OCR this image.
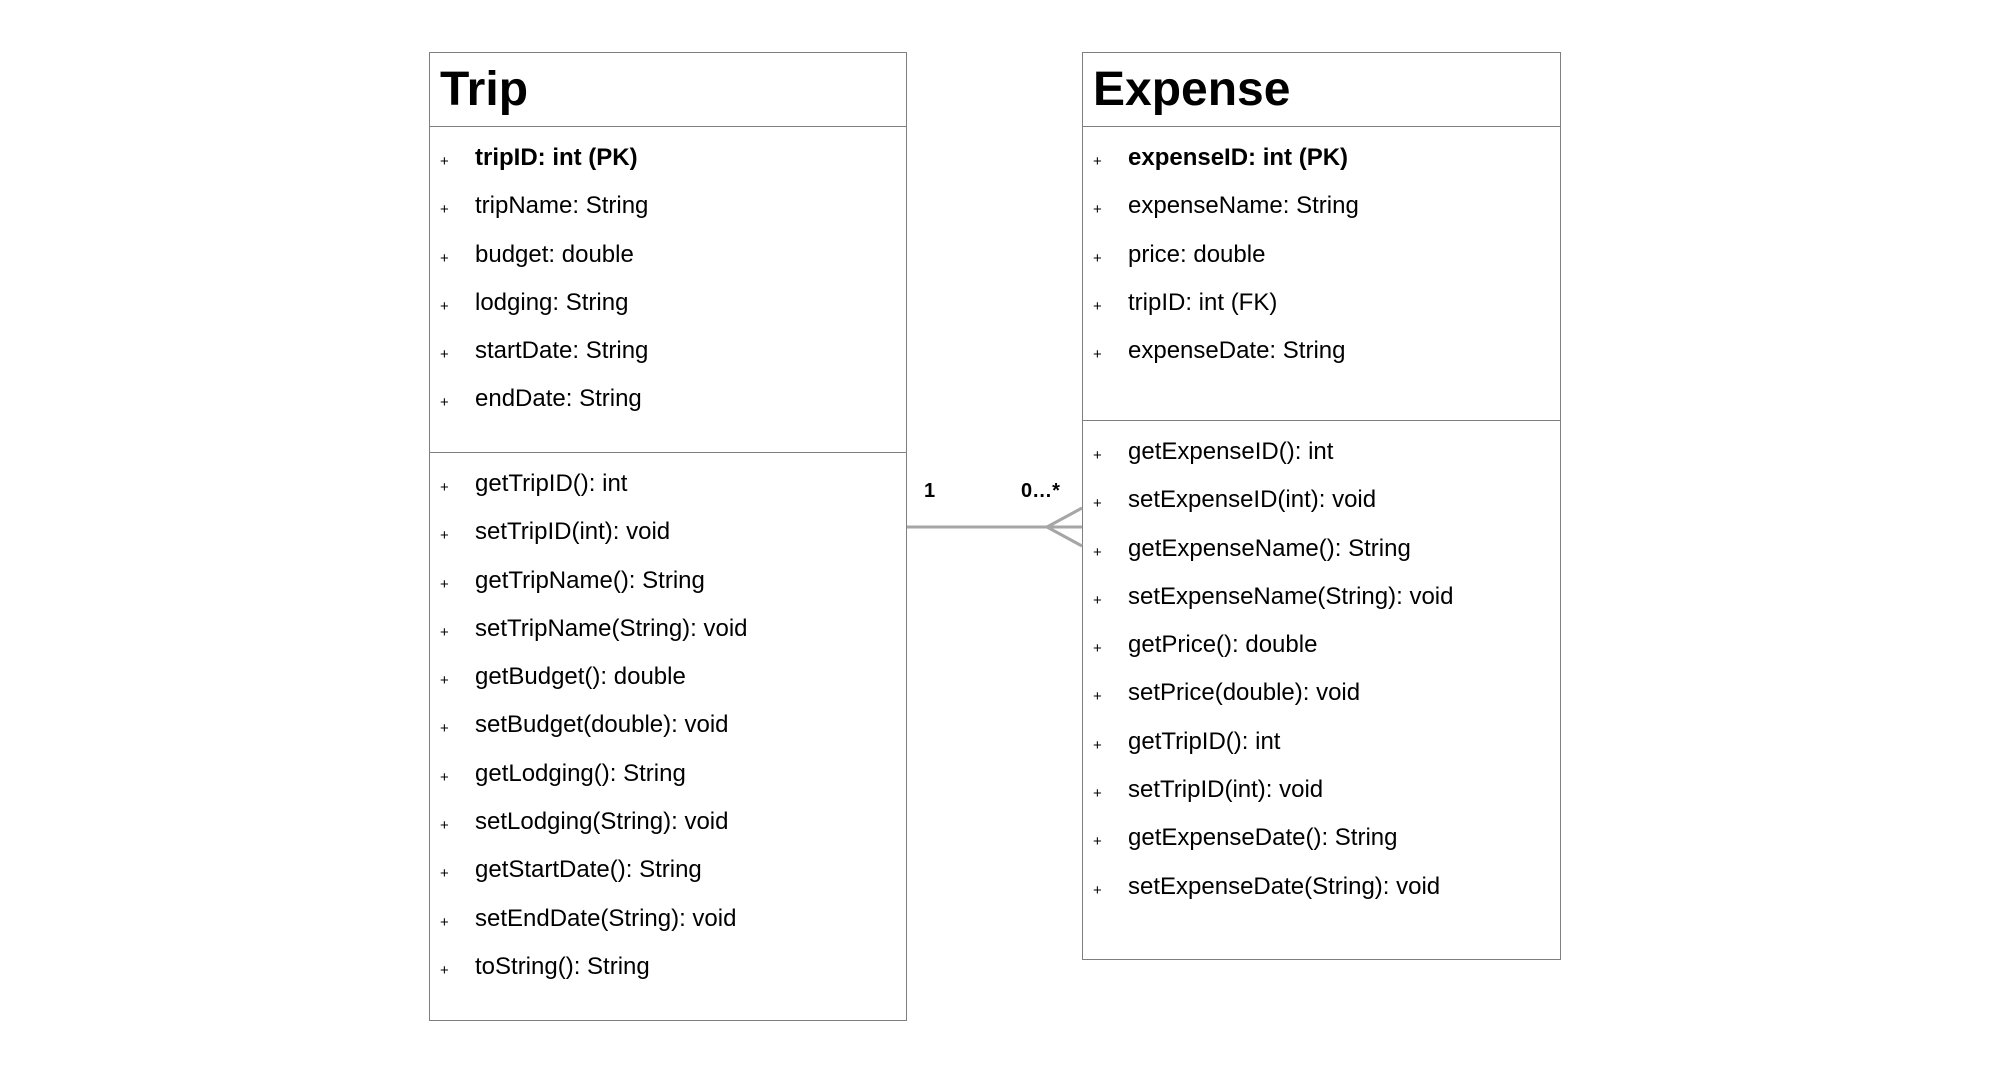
Trip
+ tripID: int (PK)
+ tripName: String
+ budget: double
+ lodging: String
+ startDate: String
+ endDate: String
+ getTripID(): int
+ setTripID(int): void
+ getTripName(): String
+ setTripName(String): void
+ getBudget(): double
+ setBudget(double): void
+ getLodging(): String
+ setLodging(String): void
+ getStartDate(): String
+ setEndDate(String): void
+ toString(): String
Expense
+ expenseID: int (PK)
+ expenseName: String
+ price: double
+ tripID: int (FK)
+ expenseDate: String
+ getExpenseID(): int
+ setExpenseID(int): void
+ getExpenseName(): String
+ setExpenseName(String): void
+ getPrice(): double
+ setPrice(double): void
+ getTripID(): int
+ setTripID(int): void
+ getExpenseDate(): String
+ setExpenseDate(String): void
1	0…*
